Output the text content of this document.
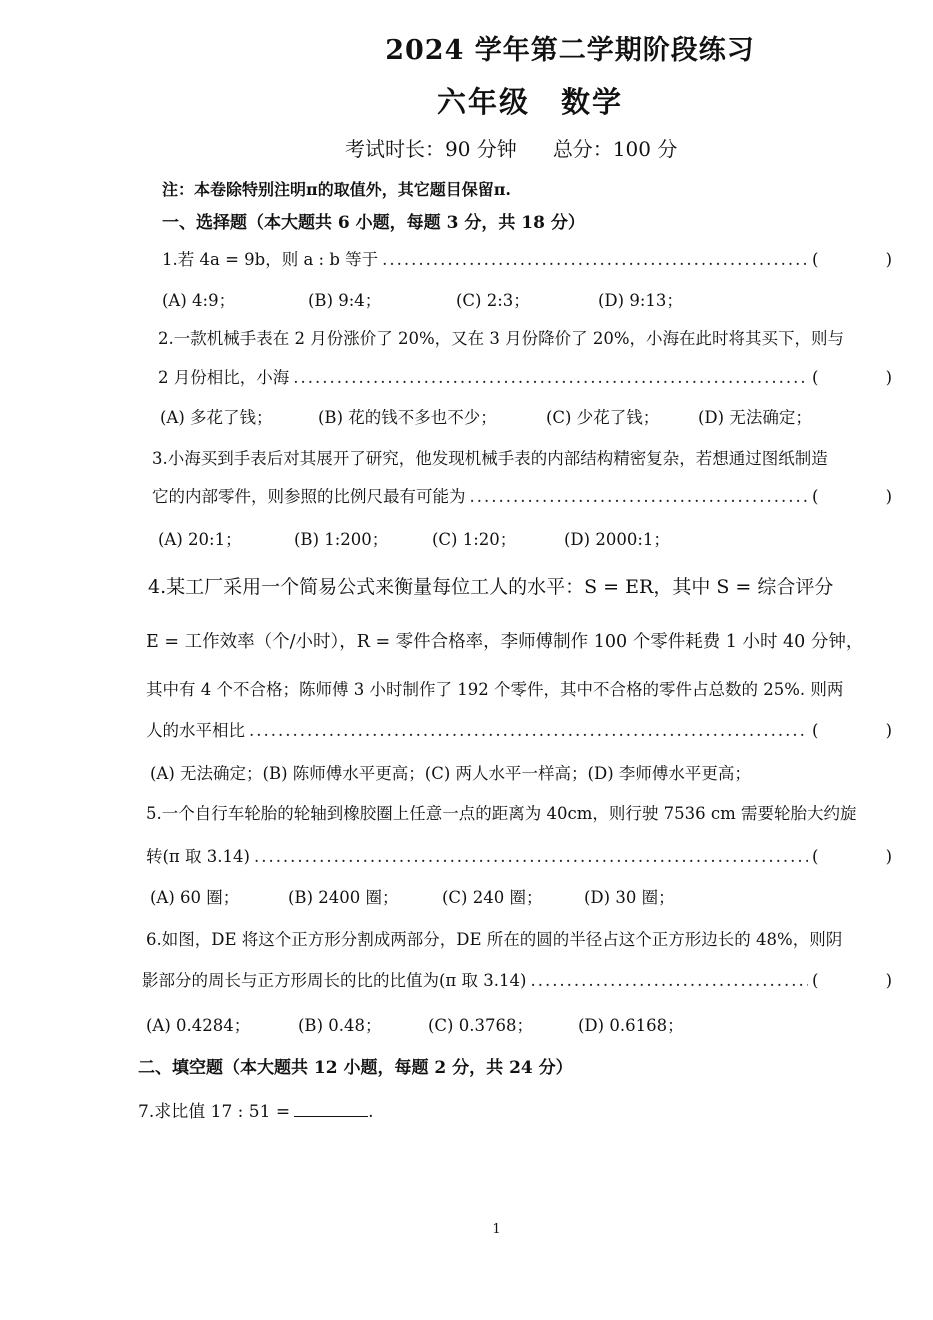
2024 学年第二学期阶段练习
六年级　数学
考试时长：90 分钟 总分：100 分
注：本卷除特别注明π的取值外，其它题目保留π.
一、选择题（本大题共 6 小题，每题 3 分，共 18 分）
1.若 4a = 9b，则 a : b 等于 .....	(	)
(A) 4:9；	(B) 9:4；	(C) 2:3；	(D) 9:13；
2.一款机械手表在 2 月份涨价了 20%，又在 3 月份降价了 20%，小海在此时将其买下，则与
2 月份相比，小海 .....	(	)
(A) 多花了钱；	(B) 花的钱不多也不少；	(C) 少花了钱；	(D) 无法确定；
3.小海买到手表后对其展开了研究，他发现机械手表的内部结构精密复杂，若想通过图纸制造
它的内部零件，则参照的比例尺最有可能为 .....	(	)
(A) 20:1；	(B) 1:200；	(C) 1:20；	(D) 2000:1；
4.某工厂采用一个简易公式来衡量每位工人的水平：S = ER，其中 S = 综合评分
E = 工作效率（个/小时），R = 零件合格率，李师傅制作 100 个零件耗费 1 小时 40 分钟，
其中有 4 个不合格；陈师傅 3 小时制作了 192 个零件，其中不合格的零件占总数的 25%. 则两
人的水平相比 .....	(	)
(A) 无法确定；(B) 陈师傅水平更高；(C) 两人水平一样高；(D) 李师傅水平更高；
5.一个自行车轮胎的轮轴到橡胶圈上任意一点的距离为 40cm，则行驶 7536 cm 需要轮胎大约旋
转(π 取 3.14) .....	(	)
(A) 60 圈；	(B) 2400 圈；	(C) 240 圈；	(D) 30 圈；
6.如图，DE 将这个正方形分割成两部分，DE 所在的圆的半径占这个正方形边长的 48%，则阴
影部分的周长与正方形周长的比的比值为(π 取 3.14) .....	(	)
(A) 0.4284；	(B) 0.48；	(C) 0.3768；	(D) 0.6168；
二、填空题（本大题共 12 小题，每题 2 分，共 24 分）
7.求比值 17 : 51 =	.
1
